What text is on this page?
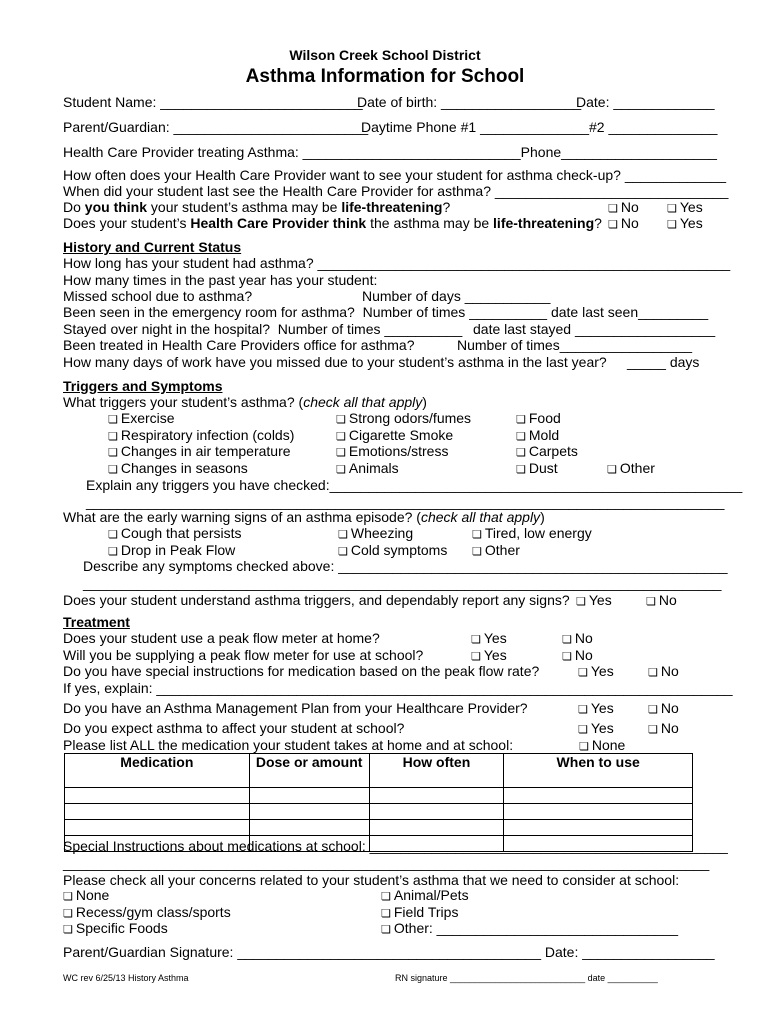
Wilson Creek School District
Asthma Information for School
Student Name: __________________________
Date of birth: __________________
Date: _____________
Parent/Guardian: _________________________
Daytime Phone #1 ______________ #2 ______________
Health Care Provider treating Asthma: ____________________________Phone____________________
How often does your Health Care Provider want to see your student for asthma check-up? _____________
When did your student last see the Health Care Provider for asthma? ______________________________
Do you think your student’s asthma may be life-threatening?	❏ No	❏ Yes
Does your student’s Health Care Provider think the asthma may be life-threatening?	❏ No	❏ Yes
History and Current Status
How long has your student had asthma? _____________________________________________________
How many times in the past year has your student:
Missed school due to asthma?	Number of days ___________
Been seen in the emergency room for asthma?  Number of times __________ date last seen_________
Stayed over night in the hospital?  Number of times __________ date last stayed __________________
Been treated in Health Care Providers office for asthma?	Number of times_________________
How many days of work have you missed due to your student’s asthma in the last year? _____ days
Triggers and Symptoms
What triggers your student’s asthma? (check all that apply)
❏ Exercise
❏ Respiratory infection (colds)
❏ Changes in air temperature
❏ Changes in seasons
❏ Strong odors/fumes
❏ Cigarette Smoke
❏ Emotions/stress
❏ Animals
❏ Food
❏ Mold
❏ Carpets
❏ Dust	❏ Other
Explain any triggers you have checked:_____________________________________________________
__________________________________________________________________________________
What are the early warning signs of an asthma episode? (check all that apply)
❏ Cough that persists
❏ Drop in Peak Flow
❏ Wheezing
❏ Cold symptoms
❏ Tired, low energy
❏ Other
Describe any symptoms checked above: __________________________________________________
__________________________________________________________________________________
Does your student understand asthma triggers, and dependably report any signs?	❏ Yes	❏ No
Treatment
Does your student use a peak flow meter at home?	❏ Yes	❏ No
Will you be supplying a peak flow meter for use at school?	❏ Yes	❏ No
Do you have special instructions for medication based on the peak flow rate?	❏ Yes	❏ No
If yes, explain: __________________________________________________________________________
Do you have an Asthma Management Plan from your Healthcare Provider?	❏ Yes	❏ No
Do you expect asthma to affect your student at school?	❏ Yes	❏ No
Please list ALL the medication your student takes at home and at school:	❏ None
Medication	Dose or amount	How often	When to use

Special Instructions about medications at school: ______________________________________________
___________________________________________________________________________________
Please check all your concerns related to your student’s asthma that we need to consider at school:
❏ None
❏ Recess/gym class/sports
❏ Specific Foods
❏ Animal/Pets
❏ Field Trips
❏ Other: _______________________________
Parent/Guardian Signature: _______________________________________ Date: _________________
WC rev 6/25/13 History Asthma	RN signature ___________________________ date __________
